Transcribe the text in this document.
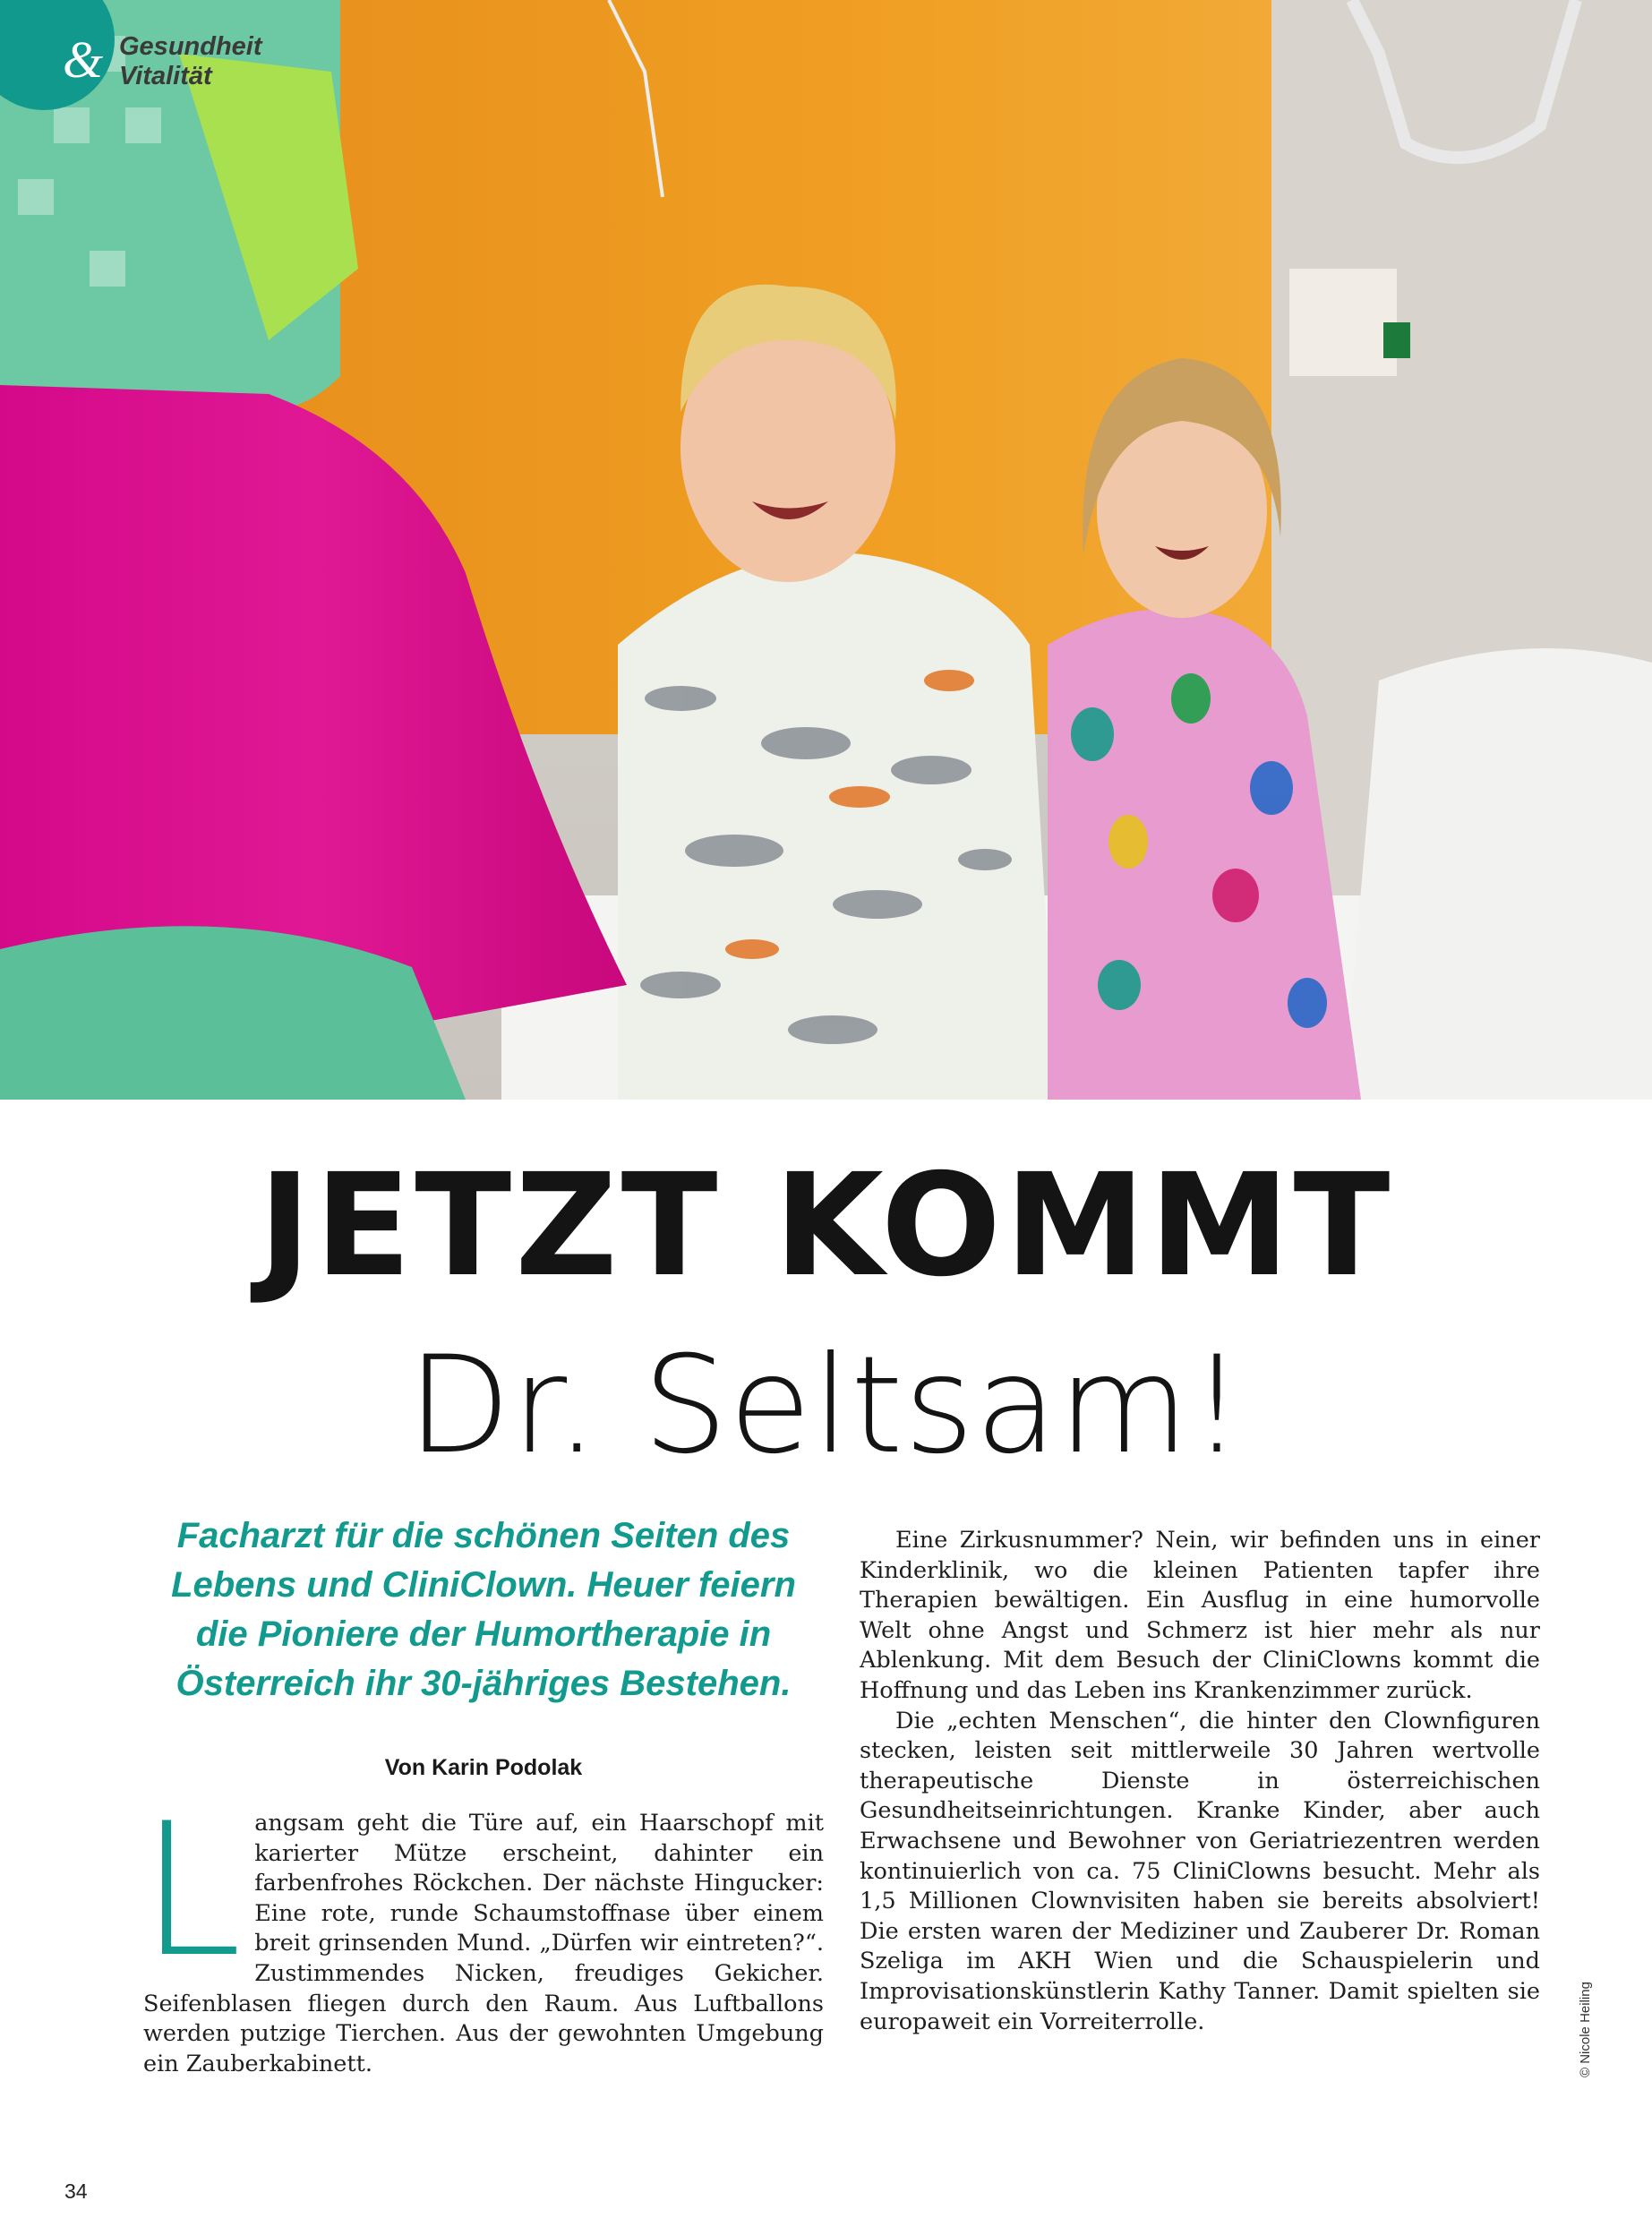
& Gesundheit
Vitalität
JETZT KOMMT
Dr. Seltsam!
Facharzt für die schönen Seiten des Lebens und CliniClown. Heuer feiern die Pioniere der Humortherapie in Österreich ihr 30-jähriges Bestehen.
Von Karin Podolak
L angsam geht die Türe auf, ein Haarschopf mit karierter Mütze erscheint, dahinter ein farbenfrohes Röckchen. Der nächste Hingucker: Eine rote, runde Schaumstoffnase über einem breit grinsenden Mund. „Dürfen wir eintreten?“. Zustimmendes Nicken, freudiges Gekicher. Seifenblasen fliegen durch den Raum. Aus Luftballons werden putzige Tierchen. Aus der gewohnten Umgebung ein Zauberkabinett.

Eine Zirkusnummer? Nein, wir befinden uns in einer Kinderklinik, wo die kleinen Patienten tapfer ihre Therapien bewältigen. Ein Ausflug in eine humorvolle Welt ohne Angst und Schmerz ist hier mehr als nur Ablenkung. Mit dem Besuch der CliniClowns kommt die Hoffnung und das Leben ins Krankenzimmer zurück.

Die „echten Menschen“, die hinter den Clownfiguren stecken, leisten seit mittlerweile 30 Jahren wertvolle therapeutische Dienste in österreichischen Gesundheitseinrichtungen. Kranke Kinder, aber auch Erwachsene und Bewohner von Geriatriezentren werden kontinuierlich von ca. 75 CliniClowns besucht. Mehr als 1,5 Millionen Clownvisiten haben sie bereits absolviert! Die ersten waren der Mediziner und Zauberer Dr. Roman Szeliga im AKH Wien und die Schauspielerin und Improvisationskünstlerin Kathy Tanner. Damit spielten sie europaweit ein Vorreiterrolle.	© Nicole Heiling
34
